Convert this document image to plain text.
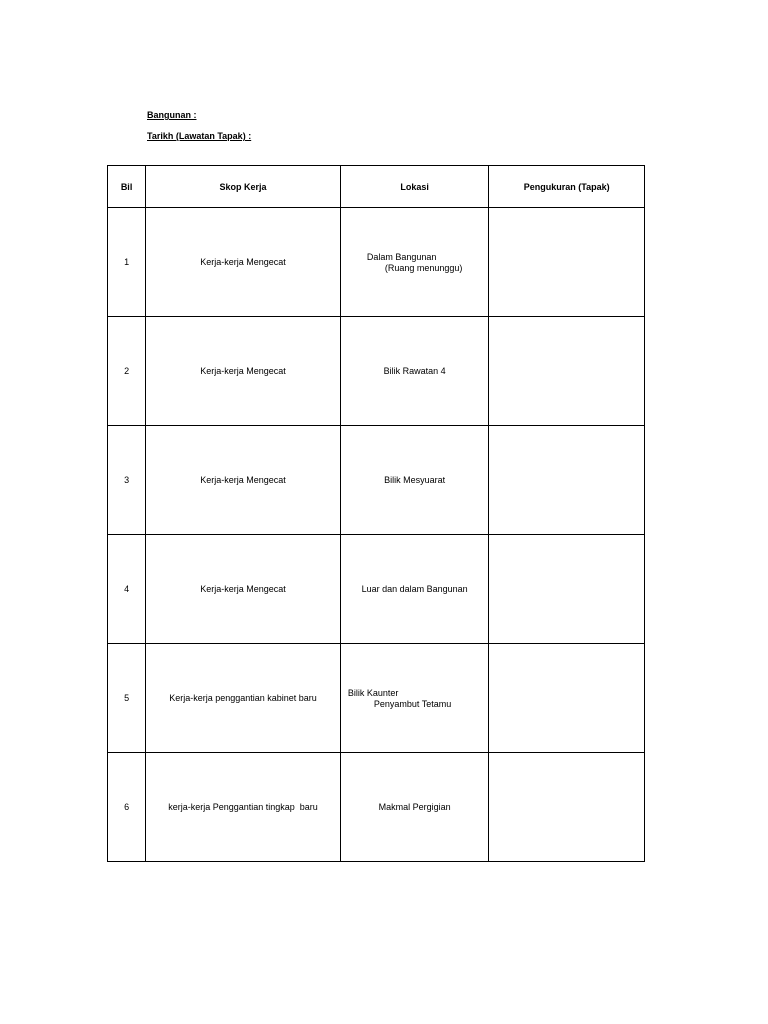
Bangunan :
Tarikh (Lawatan Tapak) :
Bil	Skop Kerja	Lokasi	Pengukuran (Tapak)
1	Kerja-kerja Mengecat	Dalam Bangunan
(Ruang menunggu)	

2	Kerja-kerja Mengecat	Bilik Rawatan 4	

3	Kerja-kerja Mengecat	Bilik Mesyuarat	

4	Kerja-kerja Mengecat	Luar dan dalam Bangunan	

5	Kerja-kerja penggantian kabinet baru	Bilik Kaunter
Penyambut Tetamu	

6	kerja-kerja Penggantian tingkap  baru	Makmal Pergigian	
